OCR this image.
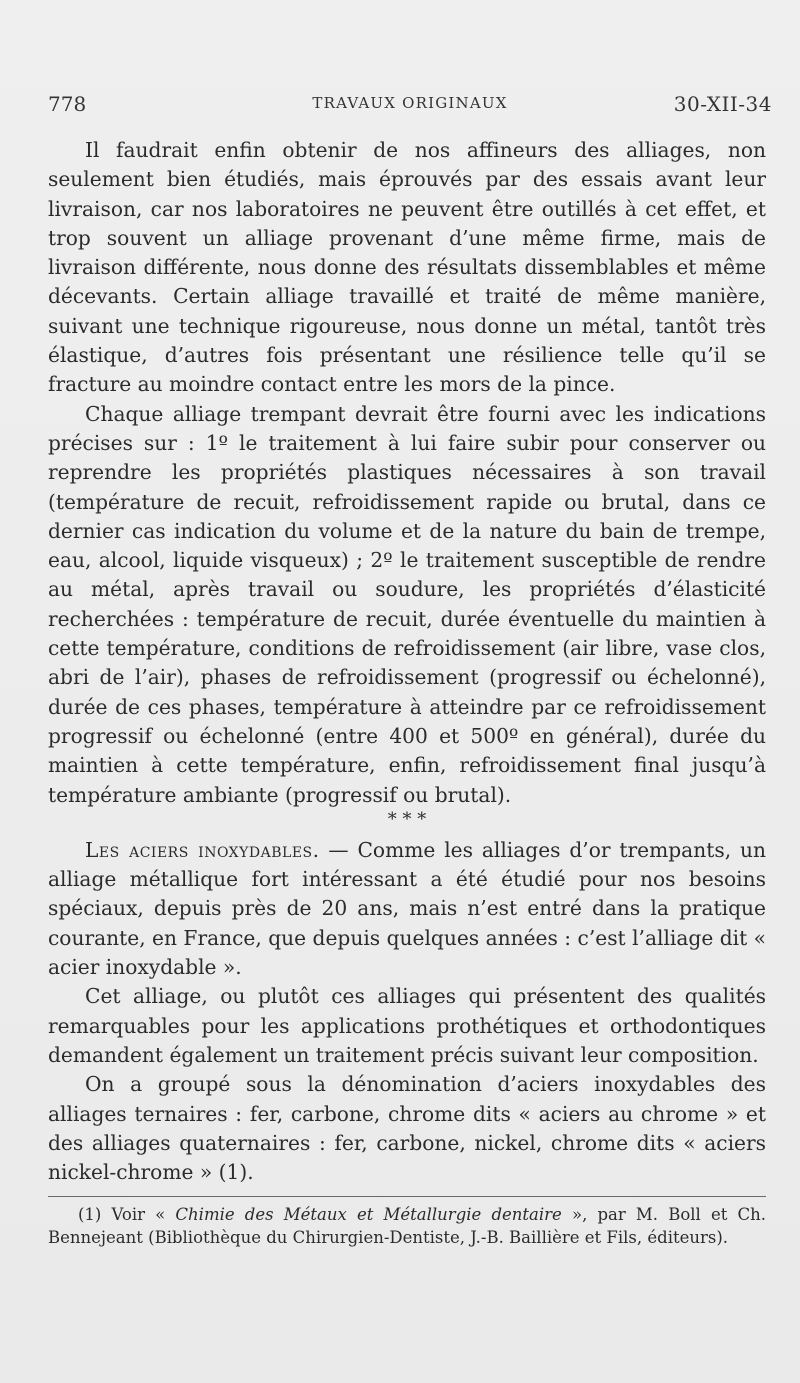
778	TRAVAUX ORIGINAUX	30-XII-34

Il faudrait enfin obtenir de nos affineurs des alliages, non seulement bien étudiés, mais éprouvés par des essais avant leur livraison, car nos laboratoires ne peuvent être outillés à cet effet, et trop souvent un alliage provenant d’une même firme, mais de livraison différente, nous donne des résultats dissemblables et même décevants. Certain alliage travaillé et traité de même manière, suivant une technique rigoureuse, nous donne un métal, tantôt très élastique, d’autres fois présentant une résilience telle qu’il se fracture au moindre contact entre les mors de la pince.

Chaque alliage trempant devrait être fourni avec les indications précises sur : 1º le traitement à lui faire subir pour conserver ou reprendre les propriétés plastiques nécessaires à son travail (température de recuit, refroidissement rapide ou brutal, dans ce dernier cas indication du volume et de la nature du bain de trempe, eau, alcool, liquide visqueux) ; 2º le traitement susceptible de rendre au métal, après travail ou soudure, les propriétés d’élasticité recherchées : température de recuit, durée éventuelle du maintien à cette température, conditions de refroidissement (air libre, vase clos, abri de l’air), phases de refroidissement (progressif ou échelonné), durée de ces phases, température à atteindre par ce refroidissement progressif ou échelonné (entre 400 et 500º en général), durée du maintien à cette température, enfin, refroidissement final jusqu’à température ambiante (progressif ou brutal).

* * *

Les aciers inoxydables. — Comme les alliages d’or trempants, un alliage métallique fort intéressant a été étudié pour nos besoins spéciaux, depuis près de 20 ans, mais n’est entré dans la pratique courante, en France, que depuis quelques années : c’est l’alliage dit « acier inoxydable ».

Cet alliage, ou plutôt ces alliages qui présentent des qualités remarquables pour les applications prothétiques et orthodontiques demandent également un traitement précis suivant leur composition.

On a groupé sous la dénomination d’aciers inoxydables des alliages ternaires : fer, carbone, chrome dits « aciers au chrome » et des alliages quaternaires : fer, carbone, nickel, chrome dits « aciers nickel-chrome » (1).

(1) Voir « Chimie des Métaux et Métallurgie dentaire », par M. Boll et Ch. Bennejeant (Bibliothèque du Chirurgien-Dentiste, J.-B. Baillière et Fils, éditeurs).
